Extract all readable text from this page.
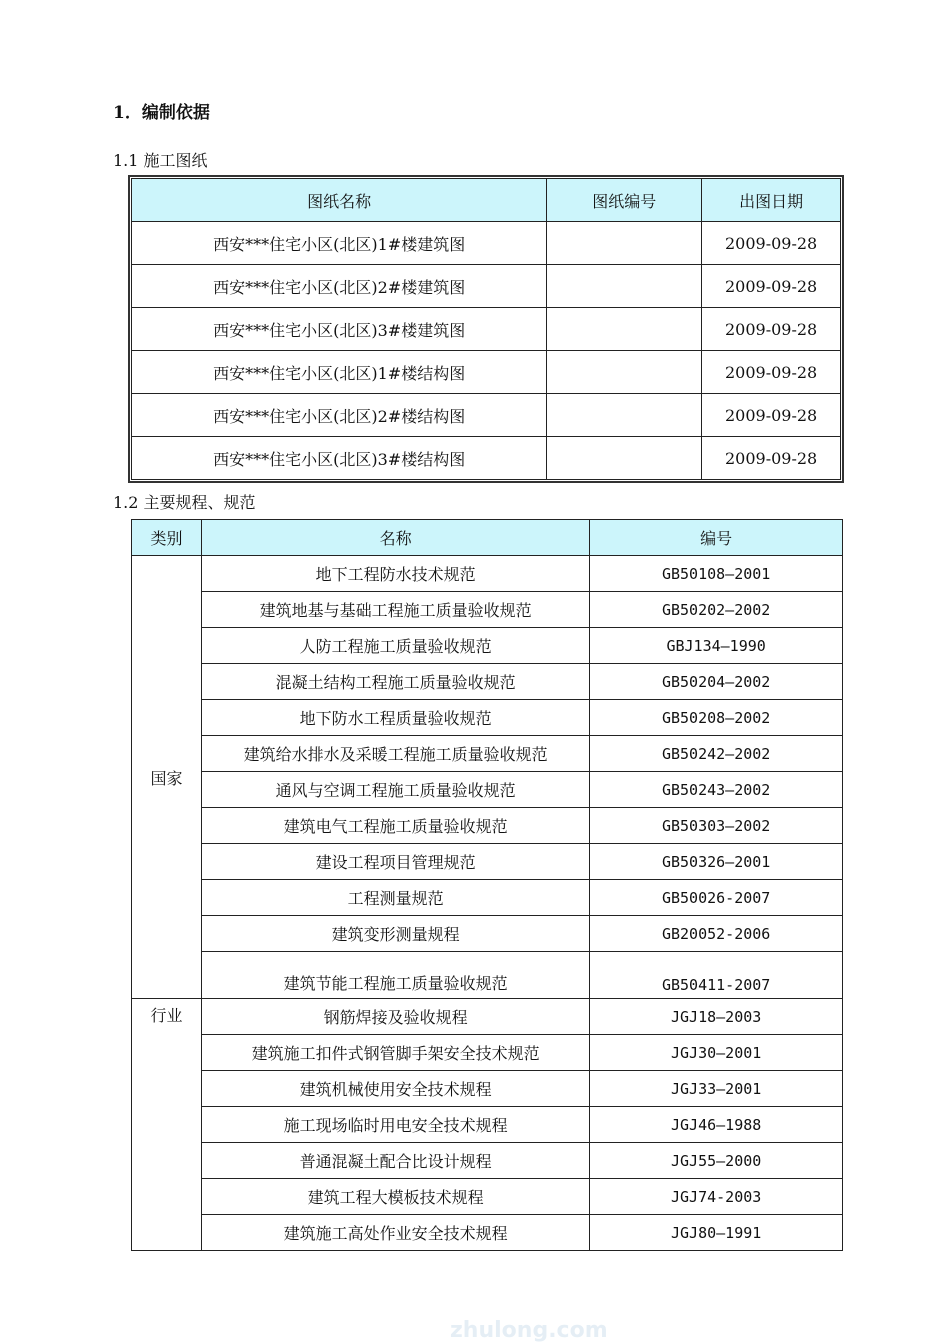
1．编制依据
1.1 施工图纸
图纸名称	图纸编号	出图日期
西安***住宅小区(北区)1#楼建筑图		2009-09-28
西安***住宅小区(北区)2#楼建筑图		2009-09-28
西安***住宅小区(北区)3#楼建筑图		2009-09-28
西安***住宅小区(北区)1#楼结构图		2009-09-28
西安***住宅小区(北区)2#楼结构图		2009-09-28
西安***住宅小区(北区)3#楼结构图		2009-09-28
1.2 主要规程、规范
类别	名称	编号
国家	地下工程防水技术规范	GB50108—2001
	建筑地基与基础工程施工质量验收规范	GB50202—2002
	人防工程施工质量验收规范	GBJ134—1990
	混凝土结构工程施工质量验收规范	GB50204—2002
	地下防水工程质量验收规范	GB50208—2002
	建筑给水排水及采暖工程施工质量验收规范	GB50242—2002
	通风与空调工程施工质量验收规范	GB50243—2002
	建筑电气工程施工质量验收规范	GB50303—2002
	建设工程项目管理规范	GB50326—2001
	工程测量规范	GB50026-2007
	建筑变形测量规程	GB20052-2006
	建筑节能工程施工质量验收规范	GB50411-2007
行业	钢筋焊接及验收规程	JGJ18—2003
	建筑施工扣件式钢管脚手架安全技术规范	JGJ30—2001
	建筑机械使用安全技术规程	JGJ33—2001
	施工现场临时用电安全技术规程	JGJ46—1988
	普通混凝土配合比设计规程	JGJ55—2000
	建筑工程大模板技术规程	JGJ74-2003
	建筑施工高处作业安全技术规程	JGJ80—1991
zhulong.com
